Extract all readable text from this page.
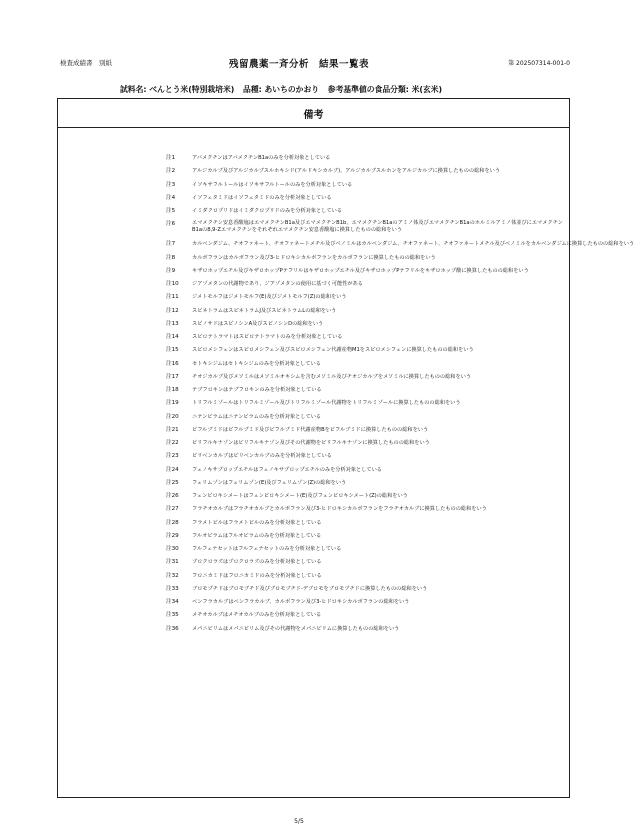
検査成績書　別紙	残留農薬一斉分析　結果一覧表	第 202507314-001-0
試料名: べんとう米(特別栽培米) 品種: あいちのかおり 参考基準値の食品分類: 米(玄米)
備考
注1	アバメクチンはアバメクチンB1aのみを分析対象としている
注2	アルジカルブ及びアルジカルブスルホキシド(アルドキシカルブ)、アルジカルブスルホンをアルジカルブに換算したものの総和をいう
注3	イソキサフルトールはイソキサフルトールのみを分析対象としている
注4	イソフェタミドはイソフェタミドのみを分析対象としている
注5	イミダクロプリドはイミダクロプリドのみを分析対象としている
注6	エマメクチン安息香酸塩はエマメクチンB1a及びエマメクチンB1b、エマメクチンB1aのアミノ体及びエマメクチンB1aのホルミルアミノ体並びにエマメクチンB1aの8,9-Zエマメクチンをそれぞれエマメクチン安息香酸塩に換算したものの総和をいう
注7	カルベンダジム、チオファネート、チオファネートメチル及びベノミルはカルベンダジム、チオファネート、チオファネートメチル及びベノミルをカルベンダジムに換算したものの総和をいう
注8	カルボフランはカルボフラン及び3-ヒドロキシカルボフランをカルボフランに換算したものの総和をいう
注9	キザロホップエチル及びキザロホップPテフリルはキザロホップエチル及びキザロホップPテフリルをキザロホップ酸に換算したものの総和をいう
注10	ジアゾメタンの代謝物であり、ジアゾメタンの使用に基づく可能性がある
注11	ジメトモルフはジメトモルフ(E)及びジメトモルフ(Z)の総和をいう
注12	スピネトラムはスピネトラムJ及びスピネトラムLの総和をいう
注13	スピノサドはスピノシンA及びスピノシンDの総和をいう
注14	スピロテトラマトはスピロテトラマトのみを分析対象としている
注15	スピロメシフェンはスピロメシフェン及びスピロメシフェン代謝産物M1をスピロメシフェンに換算したものの総和をいう
注16	セトキシジムはセトキシジムのみを分析対象としている
注17	チオジカルブ及びメソミルはメソミルオキシムを含むメソミル及びチオジカルブをメソミルに換算したものの総和をいう
注18	テブフロキンはテブフロキンのみを分析対象としている
注19	トリフルミゾールはトリフルミゾール及びトリフルミゾール代謝物をトリフルミゾールに換算したものの総和をいう
注20	ニテンピラムはニテンピラムのみを分析対象としている
注21	ピフルブミドはピフルブミド及びピフルブミド代謝産物Bをピフルブミドに換算したものの総和をいう
注22	ピリフルキナゾンはピリフルキナゾン及びその代謝物をピリフルキナゾンに換算したものの総和をいう
注23	ピリベンカルブはピリベンカルブのみを分析対象としている
注24	フェノキサプロップエチルはフェノキサプロップエチルのみを分析対象としている
注25	フェリムゾンはフェリムゾン(E)及びフェリムゾン(Z)の総和をいう
注26	フェンピロキシメートはフェンピロキシメート(E)及びフェンピロキシメート(Z)の総和をいう
注27	フラチオカルブはフラチオカルブとカルボフラン及び3-ヒドロキシカルボフランをフラチオカルブに換算したものの総和をいう
注28	フラメトピルはフラメトピルのみを分析対象としている
注29	フルオピラムはフルオピラムのみを分析対象としている
注30	フルフェナセットはフルフェナセットのみを分析対象としている
注31	プロクロラズはプロクロラズのみを分析対象としている
注32	フロニカミドはフロニカミドのみを分析対象としている
注33	ブロモプチドはブロモブチド及びブロモブチド-デブロモをブロモブチドに換算したものの総和をいう
注34	ベンフラカルブはベンフラカルブ、カルボフラン及び3-ヒドロキシカルボフランの総和をいう
注35	メチオカルブはメチオカルブのみを分析対象としている
注36	メパニピリムはメパニピリム及びその代謝物をメパニピリムに換算したものの総和をいう
5/5
